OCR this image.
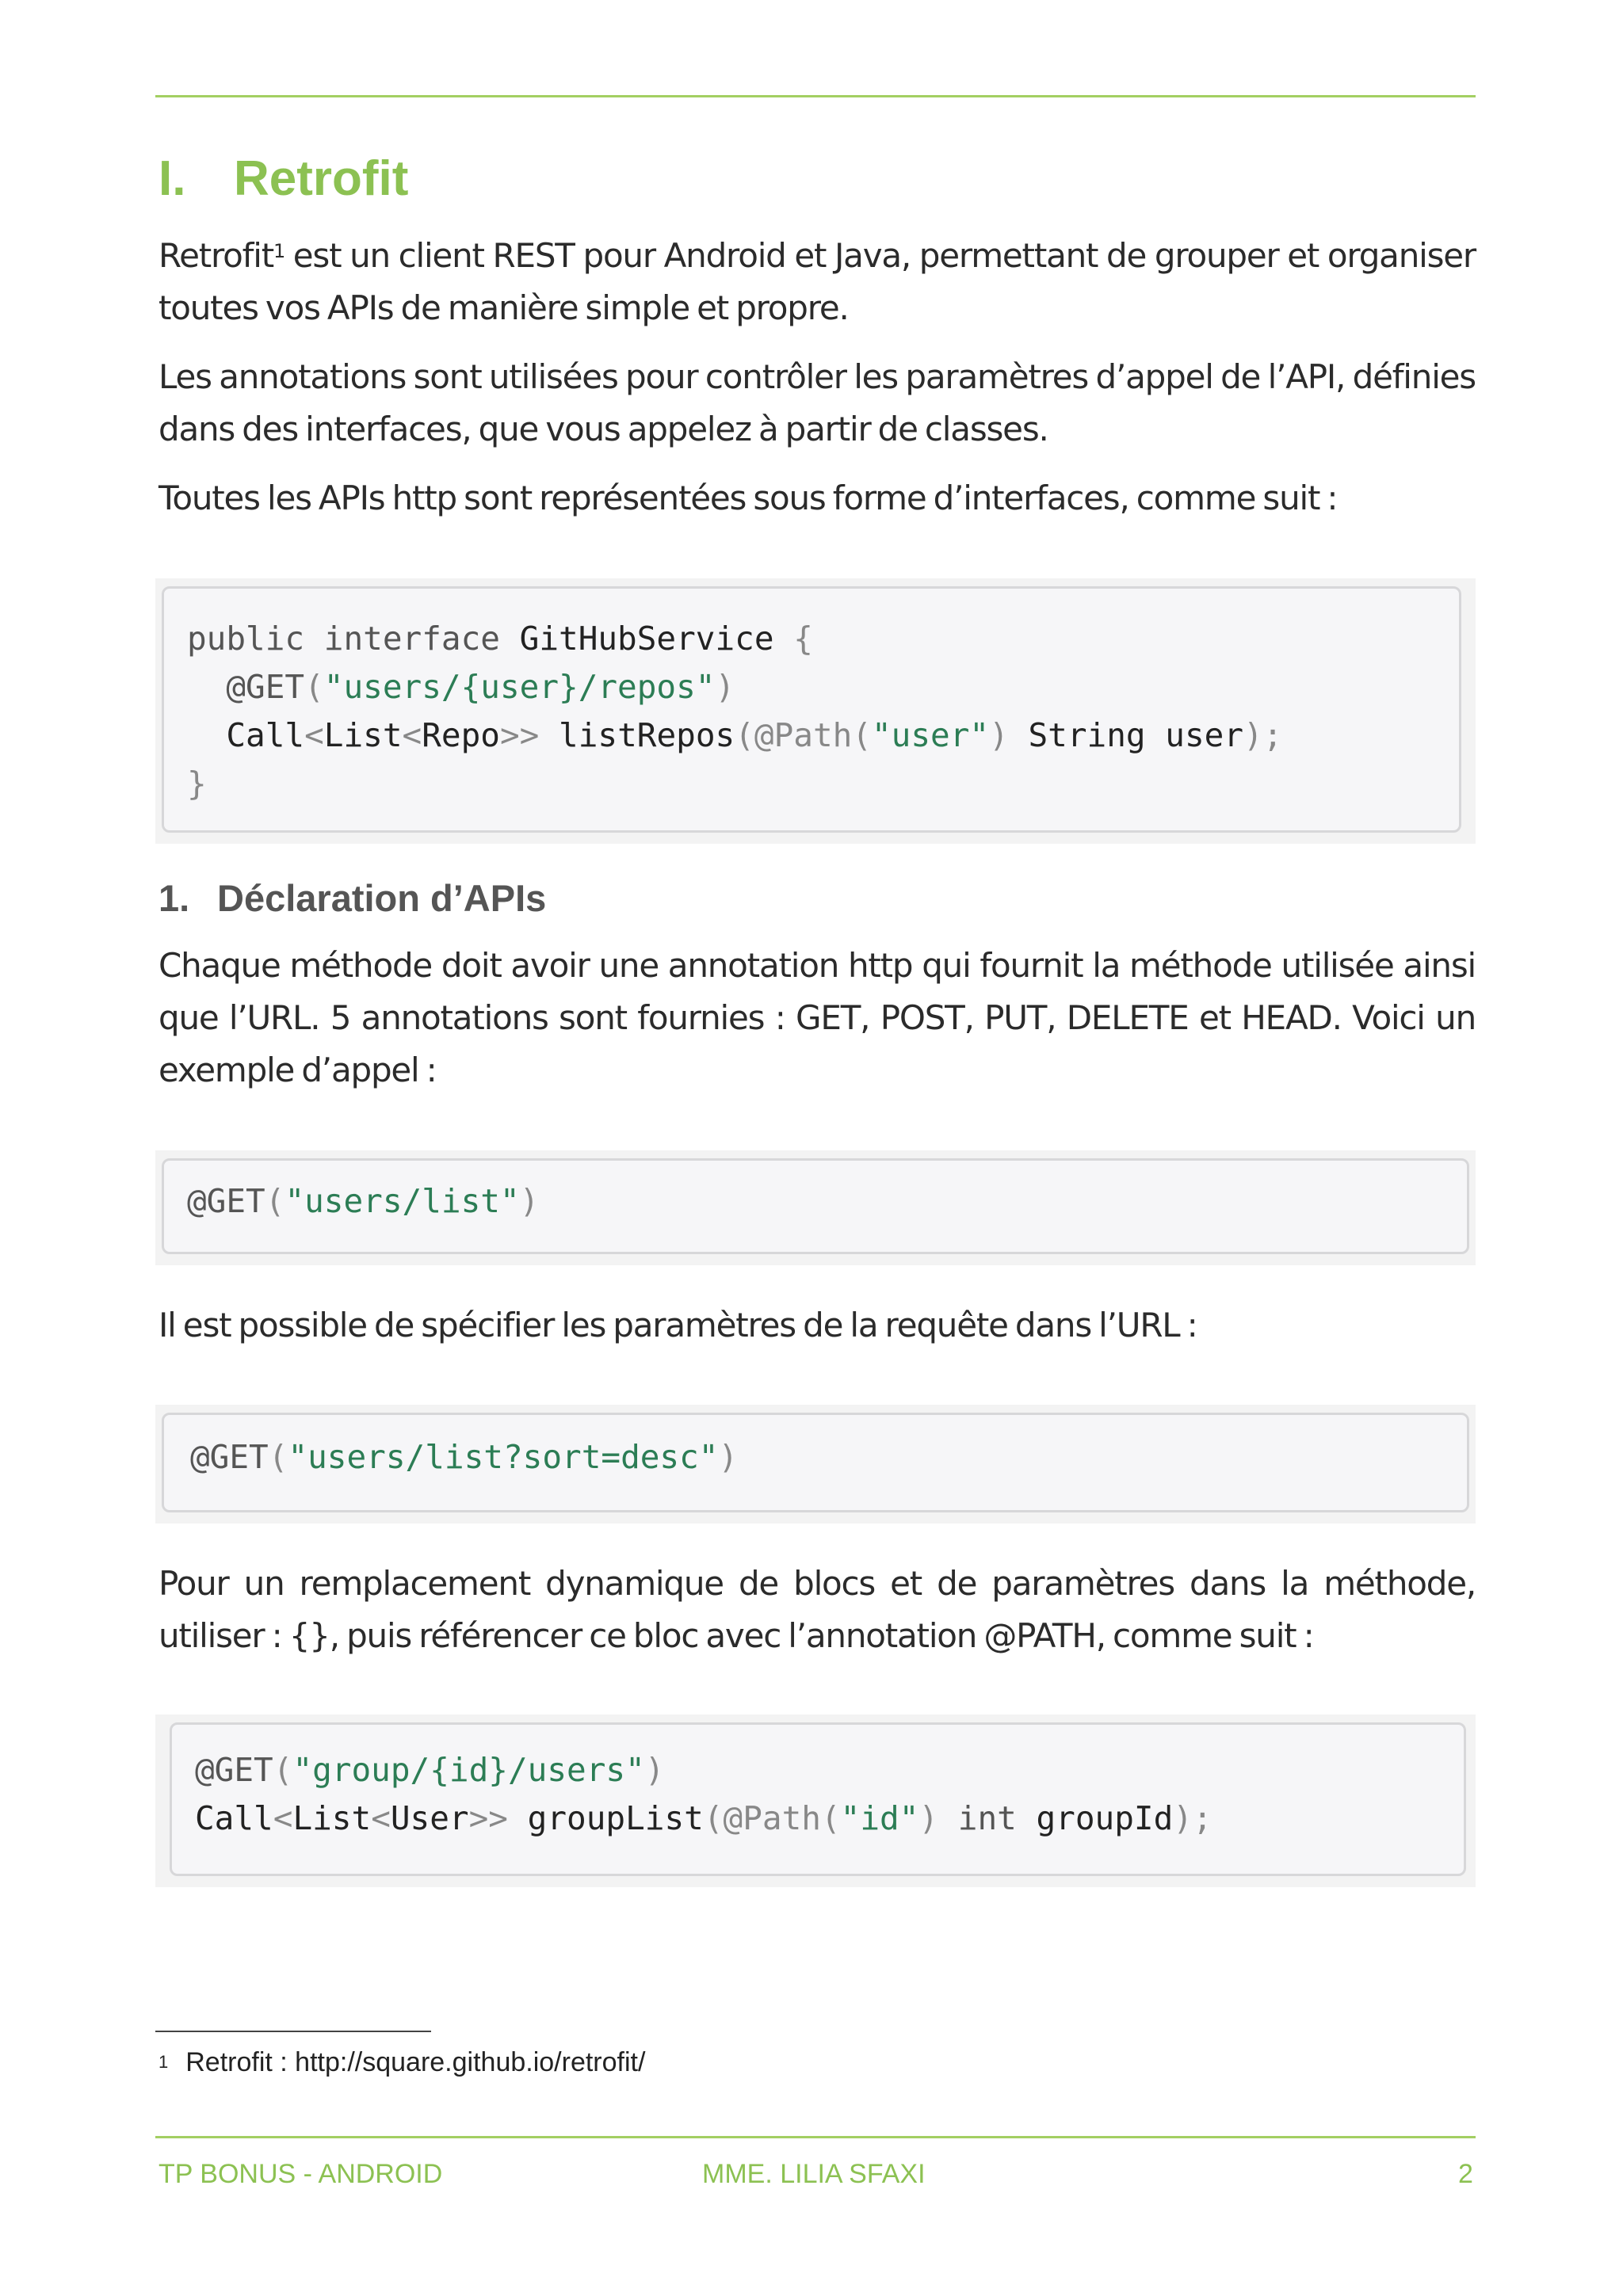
I. Retrofit
Retrofit$^1$ est un client REST pour Android et Java, permettant de grouper et organiser toutes vos APIs de manière simple et propre.
Les annotations sont utilisées pour contrôler les paramètres d’appel de l’API, définies dans des interfaces, que vous appelez à partir de classes.
Toutes les APIs http sont représentées sous forme d’interfaces, comme suit :
public interface GitHubService {
@GET("users/{user}/repos")
Call<List<Repo>> listRepos(@Path("user") String user);
}
1. Déclaration d’APIs
Chaque méthode doit avoir une annotation http qui fournit la méthode utilisée ainsi que l’URL. 5 annotations sont fournies : GET, POST, PUT, DELETE et HEAD. Voici un exemple d’appel :
@GET("users/list")
Il est possible de spécifier les paramètres de la requête dans l’URL :
@GET("users/list?sort=desc")
Pour un remplacement dynamique de blocs et de paramètres dans la méthode, utiliser : {}, puis référencer ce bloc avec l’annotation @PATH, comme suit :
@GET("group/{id}/users")
Call<List<User>> groupList(@Path("id") int groupId);
$^1$ Retrofit : http://square.github.io/retrofit/
TP BONUS - ANDROID	MME. LILIA SFAXI	2
